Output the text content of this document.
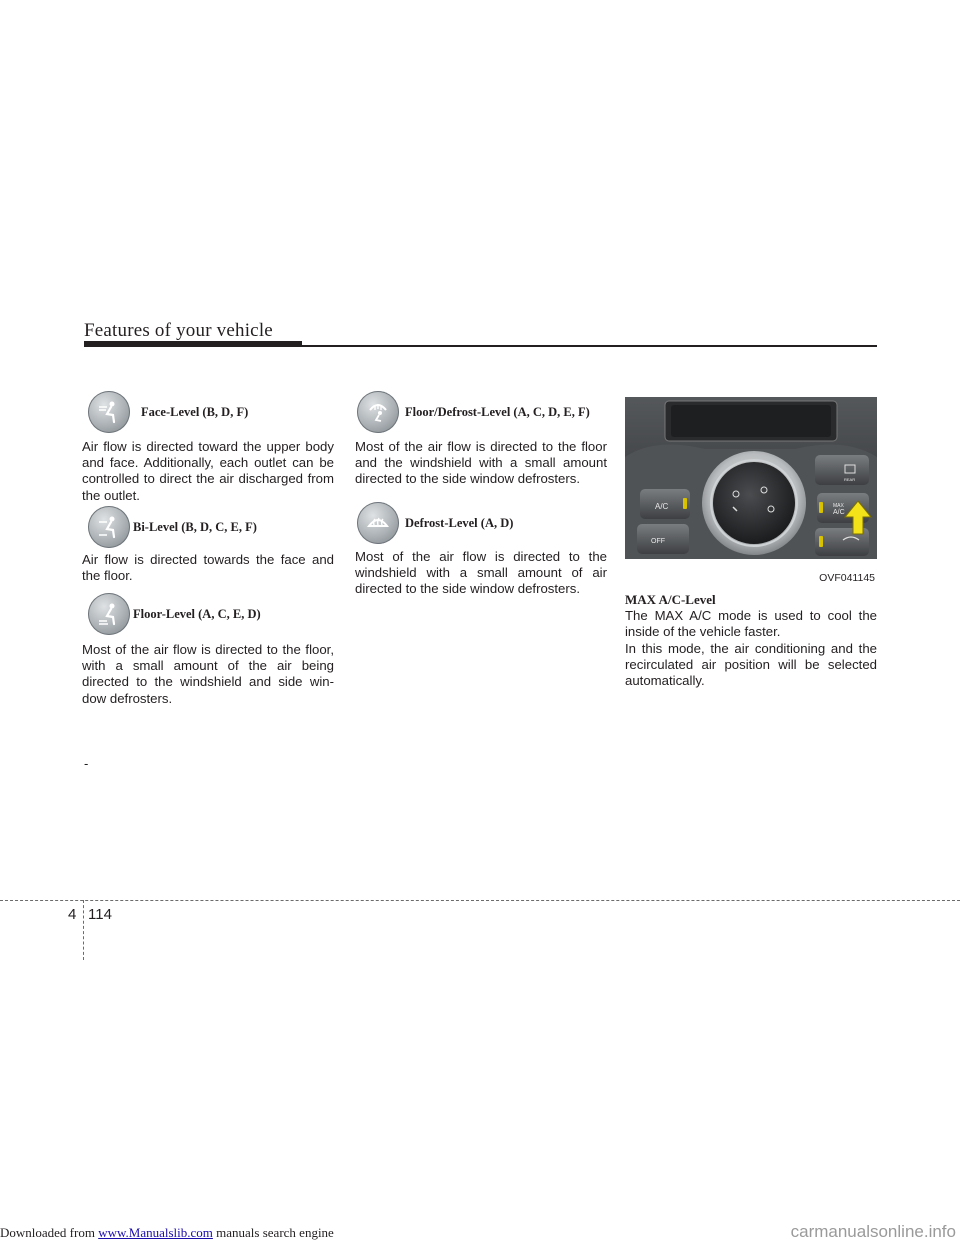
Features of your vehicle
Face-Level (B, D, F)
Air flow is directed toward the upper body and face. Additionally, each outlet can be controlled to direct the air discharged from the outlet.
Bi-Level (B, D, C, E, F)
Air flow is directed towards the face and the floor.
Floor-Level (A, C, E, D)
Most of the air flow is directed to the floor, with a small amount of the air being directed to the windshield and side win-dow defrosters.
Floor/Defrost-Level (A, C, D, E, F)
Most of the air flow is directed to the floor and the windshield with a small amount directed to the side window defrosters.
Defrost-Level (A, D)
Most of the air flow is directed to the windshield with a small amount of air directed to the side window defrosters.
A/C
OFF
MAX
A/C
REAR
OVF041145
MAX A/C-Level
The MAX A/C mode is used to cool the inside of the vehicle faster.
In this mode, the air conditioning and the recirculated air position will be selected automatically.
-
4 114
Downloaded from www.Manualslib.com manuals search engine	carmanualsonline.info
